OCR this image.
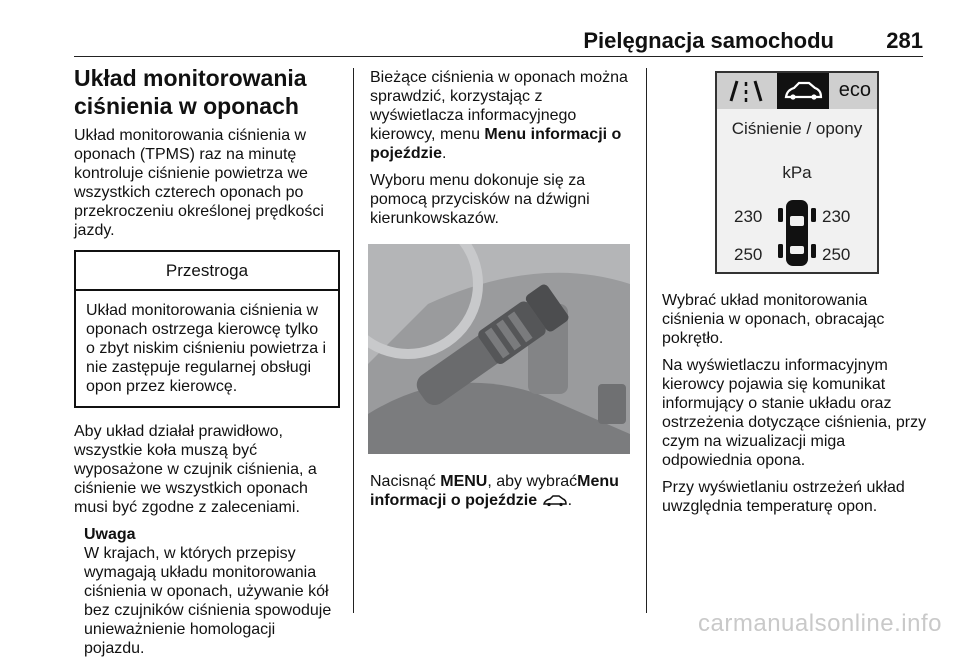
Pielęgnacja samochodu 281
Układ monitorowania
ciśnienia w oponach

Układ monitorowania ciśnienia w oponach (TPMS) raz na minutę kontroluje ciśnienie powietrza we wszystkich czterech oponach po przekroczeniu określonej prędkości jazdy.

Przestroga
Układ monitorowania ciśnienia w oponach ostrzega kierowcę tylko o zbyt niskim ciśnieniu powietrza i nie zastępuje regularnej obsługi opon przez kierowcę.

Aby układ działał prawidłowo, wszystkie koła muszą być wyposażone w czujnik ciśnienia, a ciśnienie we wszystkich oponach musi być zgodne z zaleceniami.

Uwaga
W krajach, w których przepisy wymagają układu monitorowania ciśnienia w oponach, używanie kół bez czujników ciśnienia spowoduje unieważnienie homologacji pojazdu.

Bieżące ciśnienia w oponach można sprawdzić, korzystając z wyświetlacza informacyjnego kierowcy, menu Menu informacji o pojeździe.

Wyboru menu dokonuje się za pomocą przycisków na dźwigni kierunkowskazów.

Nacisnąć MENU, aby wybraćMenu informacji o pojeździe .

eco
Ciśnienie / opony
kPa
230	230
250	250

Wybrać układ monitorowania ciśnienia w oponach, obracając pokrętło.

Na wyświetlaczu informacyjnym kierowcy pojawia się komunikat informujący o stanie układu oraz ostrzeżenia dotyczące ciśnienia, przy czym na wizualizacji miga odpowiednia opona.

Przy wyświetlaniu ostrzeżeń układ uwzględnia temperaturę opon.

carmanualsonline.info
